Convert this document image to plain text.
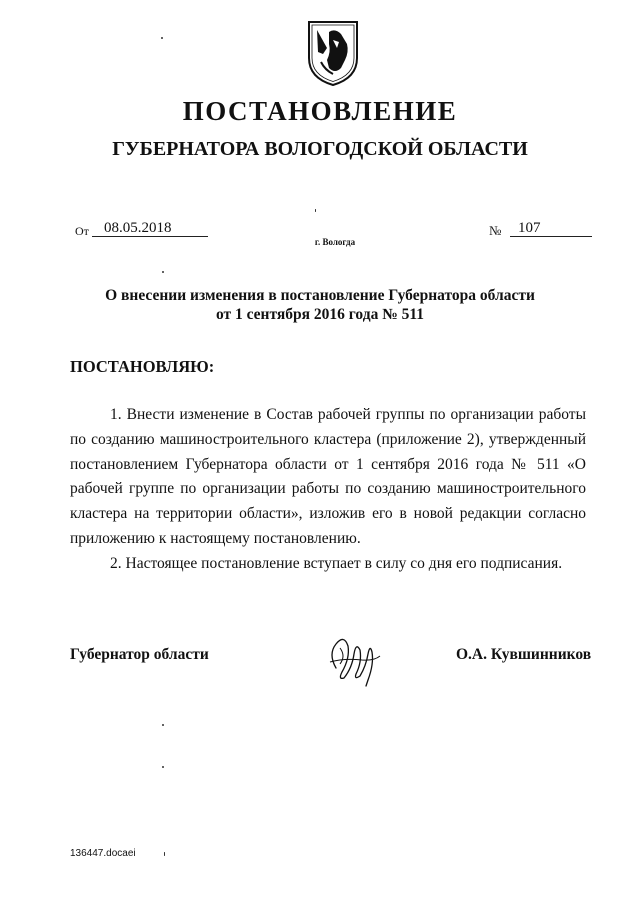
ПОСТАНОВЛЕНИЕ
ГУБЕРНАТОРА ВОЛОГОДСКОЙ ОБЛАСТИ
От 08.05.2018	№ 107
г. Вологда
О внесении изменения в постановление Губернатора области
от 1 сентября 2016 года № 511
ПОСТАНОВЛЯЮ:

1. Внести изменение в Состав рабочей группы по организации работы по созданию машиностроительного кластера (приложение 2), утвержденный постановлением Губернатора области от 1 сентября 2016 года № 511 «О рабочей группе по организации работы по созданию машиностроительного кластера на территории области», изложив его в новой редакции согласно приложению к настоящему постановлению.

2. Настоящее постановление вступает в силу со дня его подписания.

Губернатор области	О.А. Кувшинников
136447.docaei
